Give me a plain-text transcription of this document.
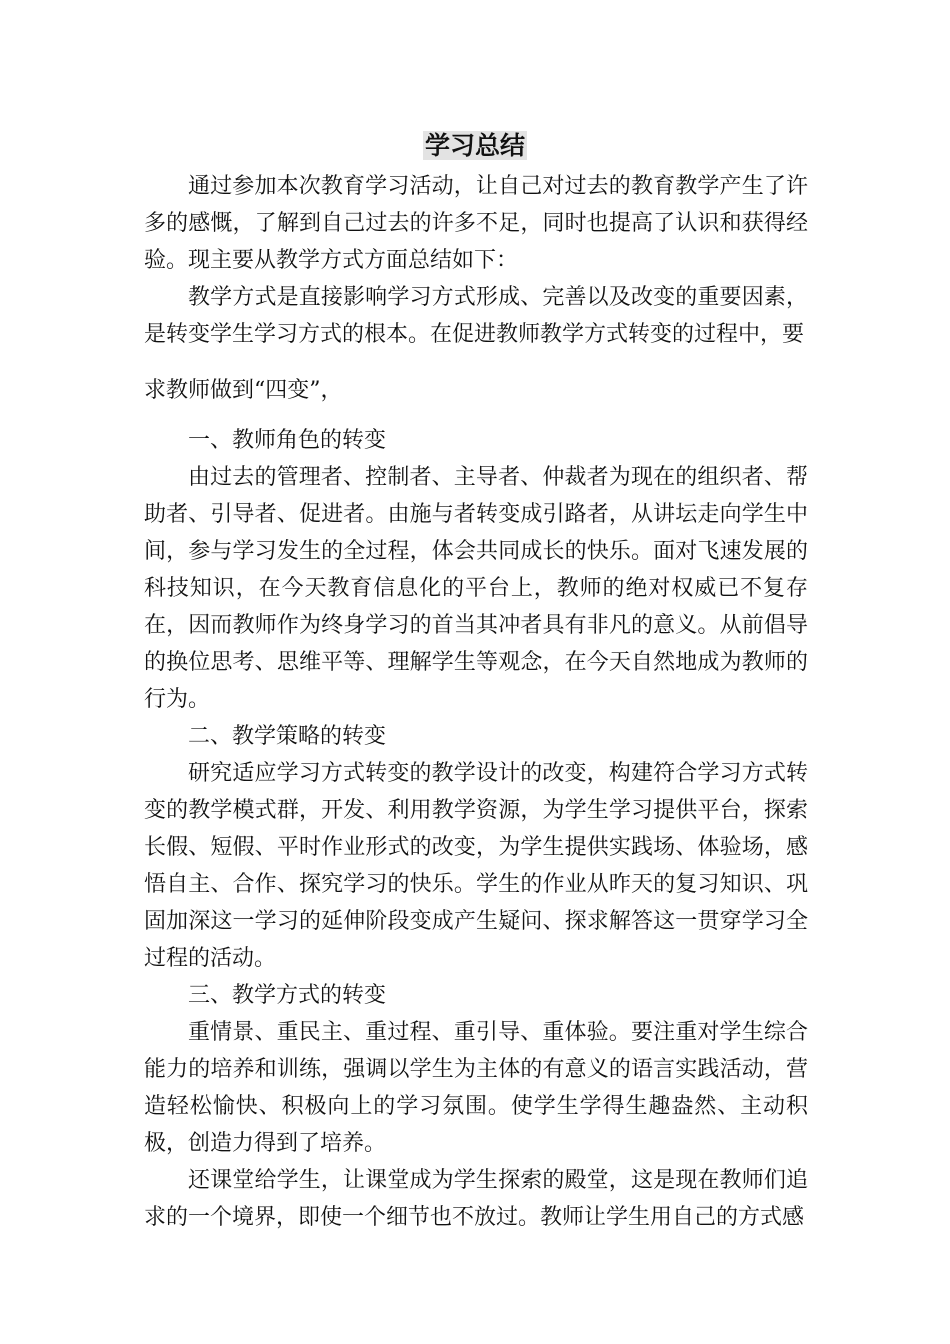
学习总结

通过参加本次教育学习活动，让自己对过去的教育教学产生了许多的感慨，了解到自己过去的许多不足，同时也提高了认识和获得经验。现主要从教学方式方面总结如下：

教学方式是直接影响学习方式形成、完善以及改变的重要因素，是转变学生学习方式的根本。在促进教师教学方式转变的过程中，要

求教师做到“四变”，

一、教师角色的转变

由过去的管理者、控制者、主导者、仲裁者为现在的组织者、帮助者、引导者、促进者。由施与者转变成引路者，从讲坛走向学生中间，参与学习发生的全过程，体会共同成长的快乐。面对飞速发展的科技知识，在今天教育信息化的平台上，教师的绝对权威已不复存在，因而教师作为终身学习的首当其冲者具有非凡的意义。从前倡导的换位思考、思维平等、理解学生等观念，在今天自然地成为教师的行为。

二、教学策略的转变

研究适应学习方式转变的教学设计的改变，构建符合学习方式转变的教学模式群，开发、利用教学资源，为学生学习提供平台，探索长假、短假、平时作业形式的改变，为学生提供实践场、体验场，感悟自主、合作、探究学习的快乐。学生的作业从昨天的复习知识、巩固加深这一学习的延伸阶段变成产生疑问、探求解答这一贯穿学习全过程的活动。

三、教学方式的转变

重情景、重民主、重过程、重引导、重体验。要注重对学生综合能力的培养和训练，强调以学生为主体的有意义的语言实践活动，营造轻松愉快、积极向上的学习氛围。使学生学得生趣盎然、主动积极，创造力得到了培养。

还课堂给学生，让课堂成为学生探索的殿堂，这是现在教师们追求的一个境界，即使一个细节也不放过。教师让学生用自己的方式感
